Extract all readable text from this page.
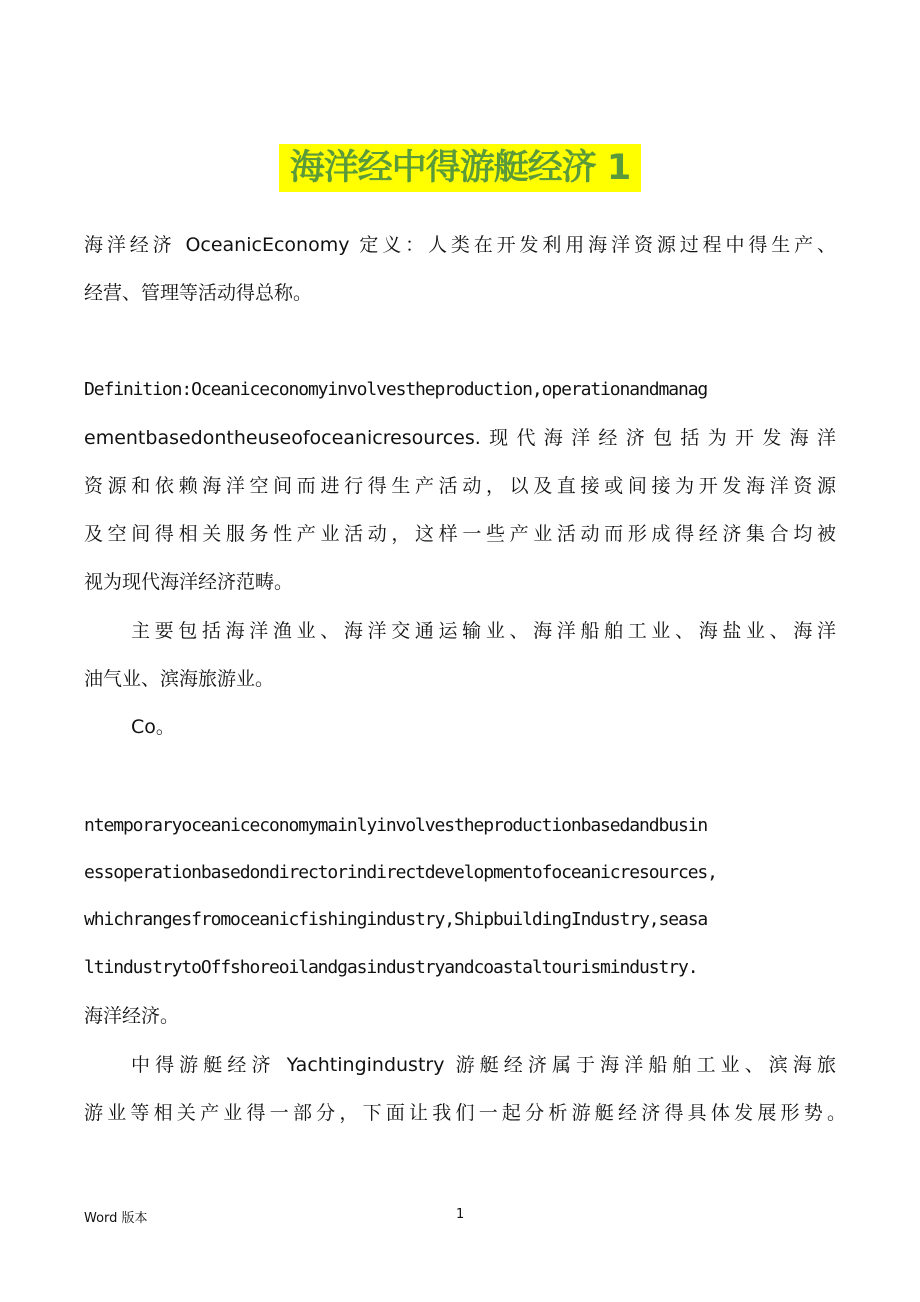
海洋经中得游艇经济 1
海洋经济 OceanicEconomy 定义：人类在开发利用海洋资源过程中得生产、
经营、管理等活动得总称。
Definition:Oceaniceconomyinvolvestheproduction,operationandmanag
ementbasedontheuseofoceanicresources.现代海洋经济包括为开发海洋
资源和依赖海洋空间而进行得生产活动，以及直接或间接为开发海洋资源
及空间得相关服务性产业活动，这样一些产业活动而形成得经济集合均被
视为现代海洋经济范畴。
主要包括海洋渔业、海洋交通运输业、海洋船舶工业、海盐业、海洋
油气业、滨海旅游业。
Co。
ntemporaryoceaniceconomymainlyinvolvestheproductionbasedandbusin
essoperationbasedondirectorindirectdevelopmentofoceanicresources,
whichrangesfromoceanicfishingindustry,ShipbuildingIndustry,seasa
ltindustrytoOffshoreoilandgasindustryandcoastaltourismindustry.
海洋经济。
中得游艇经济 Yachtingindustry 游艇经济属于海洋船舶工业、滨海旅
游业等相关产业得一部分，下面让我们一起分析游艇经济得具体发展形势。
Word 版本	1
